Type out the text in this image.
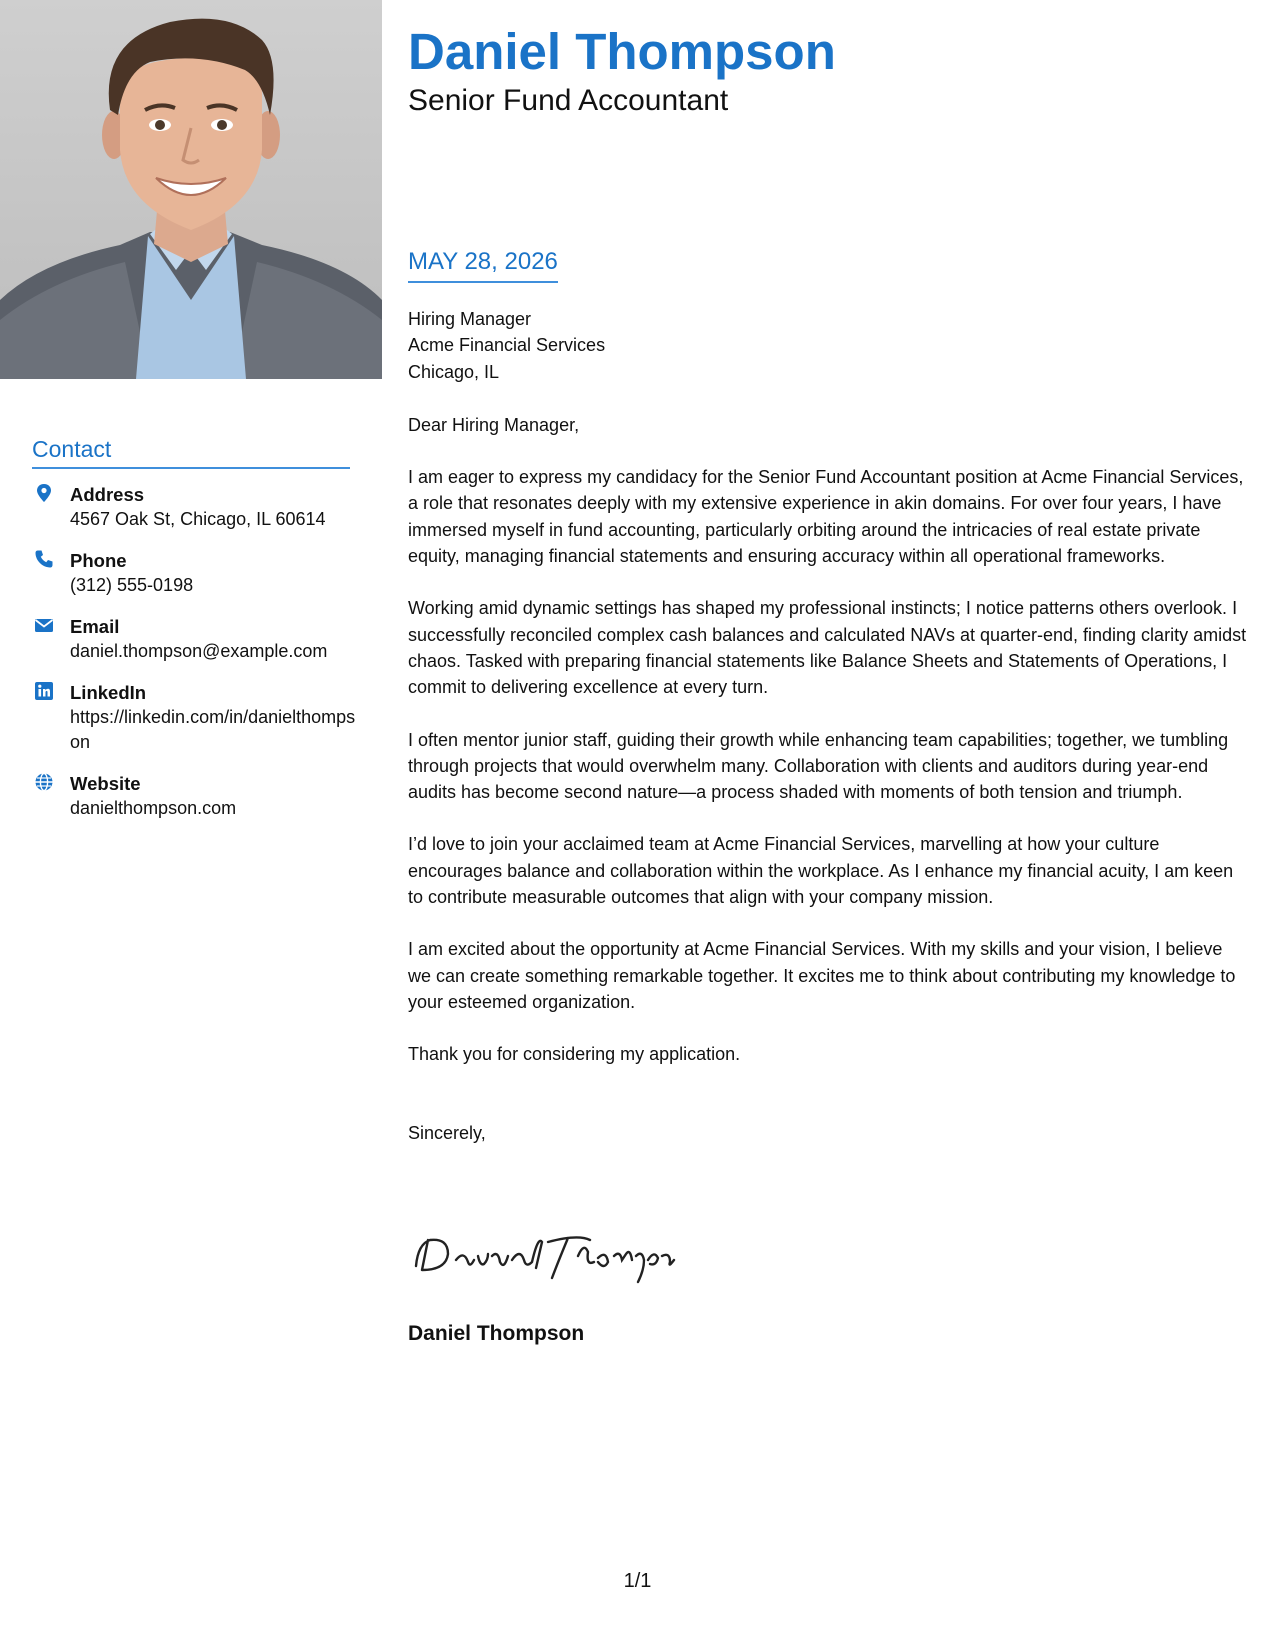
Contact
Address
4567 Oak St, Chicago, IL 60614
Phone
(312) 555-0198
Email
daniel.thompson@example.com
LinkedIn
https://linkedin.com/in/danielthompson
Website
danielthompson.com
Daniel Thompson
Senior Fund Accountant
MAY 28, 2026
Hiring Manager
Acme Financial Services
Chicago, IL
Dear Hiring Manager,
I am eager to express my candidacy for the Senior Fund Accountant position at Acme Financial Services, a role that resonates deeply with my extensive experience in akin domains. For over four years, I have immersed myself in fund accounting, particularly orbiting around the intricacies of real estate private equity, managing financial statements and ensuring accuracy within all operational frameworks.
Working amid dynamic settings has shaped my professional instincts; I notice patterns others overlook. I successfully reconciled complex cash balances and calculated NAVs at quarter-end, finding clarity amidst chaos. Tasked with preparing financial statements like Balance Sheets and Statements of Operations, I commit to delivering excellence at every turn.
I often mentor junior staff, guiding their growth while enhancing team capabilities; together, we tumbling through projects that would overwhelm many. Collaboration with clients and auditors during year-end audits has become second nature—a process shaded with moments of both tension and triumph.
I’d love to join your acclaimed team at Acme Financial Services, marvelling at how your culture encourages balance and collaboration within the workplace. As I enhance my financial acuity, I am keen to contribute measurable outcomes that align with your company mission.
I am excited about the opportunity at Acme Financial Services. With my skills and your vision, I believe we can create something remarkable together. It excites me to think about contributing my knowledge to your esteemed organization.
Thank you for considering my application.
Sincerely,
Daniel Thompson
1/1
